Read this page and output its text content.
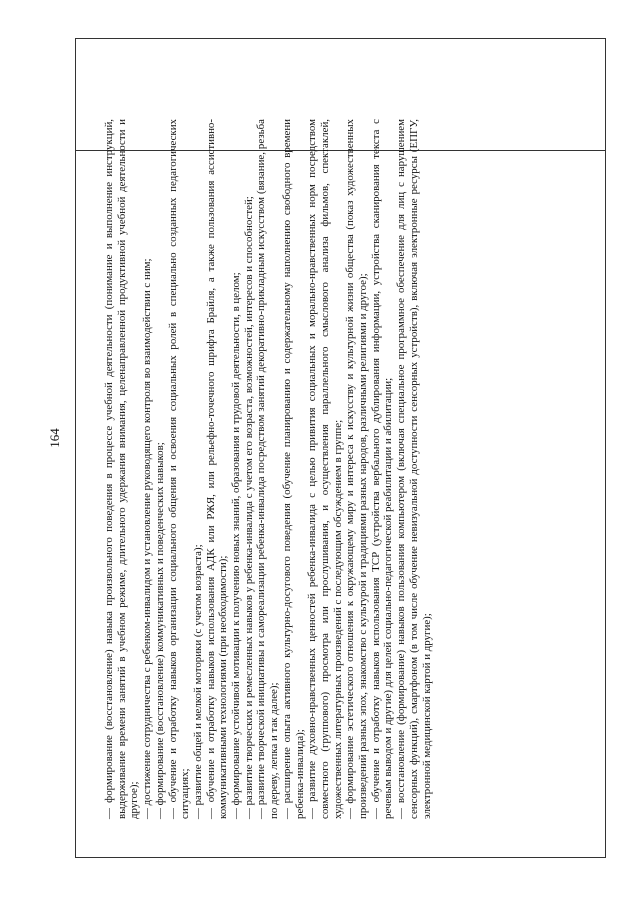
164	— формирование (восстановление) навыка произвольного поведения в процессе учебной деятельности (понимание и выполнение инструкций, выдерживание времени занятий в учебном режиме, длительного удержания внимания, целенаправленной продуктивной учебной деятельности и другое); — достижение сотрудничества с ребенком-инвалидом и установление руководящего контроля во взаимодействии с ним; — формирование (восстановление) коммуникативных и поведенческих навыков; — обучение и отработку навыков организации социального общения и освоения социальных ролей в специально созданных педагогических ситуациях; — развитие общей и мелкой моторики (с учетом возраста); — обучение и отработку навыков использования АДК или РЖЯ, или рельефно-точечного шрифта Брайля, а также пользования ассистивно-коммуникативными технологиями (при необходимости); — формирование устойчивой мотивации к получению новых знаний, образования и трудовой деятельности, в целом; — развитие творческих и ремесленных навыков у ребенка-инвалида с учетом его возраста, возможностей, интересов и способностей; — развитие творческой инициативы и самореализации ребенка-инвалида посредством занятий декоративно-прикладным искусством (вязание, резьба по дереву, лепка и так далее); — расширение опыта активного культурно-досугового поведения (обучение планированию и содержательному наполнению свободного времени ребенка-инвалида); — развитие духовно-нравственных ценностей ребенка-инвалида с целью привития социальных и морально-нравственных норм посредством совместного (группового) просмотра или прослушивания, и осуществления параллельного смыслового анализа фильмов, спектаклей, художественных литературных произведений с последующим обсуждением в группе; — формирование эстетического отношения к окружающему миру и интереса к искусству и культурной жизни общества (показ художественных произведений разных эпох, знакомство с культурой и традициями разных народов, различными религиями и другое); — обучение и отработку навыков использования ТСР (устройства вербального дублирования информации, устройства сканирования текста с речевым выводом и другие) для целей социально-педагогической реабилитации и абилитации; — восстановление (формирование) навыков пользования компьютером (включая специальное программное обеспечение для лиц с нарушением сенсорных функций), смартфоном (в том числе обучение невизуальной доступности сенсорных устройств), включая электронные ресурсы (ЕПГУ, электронной медицинской картой и другие);
